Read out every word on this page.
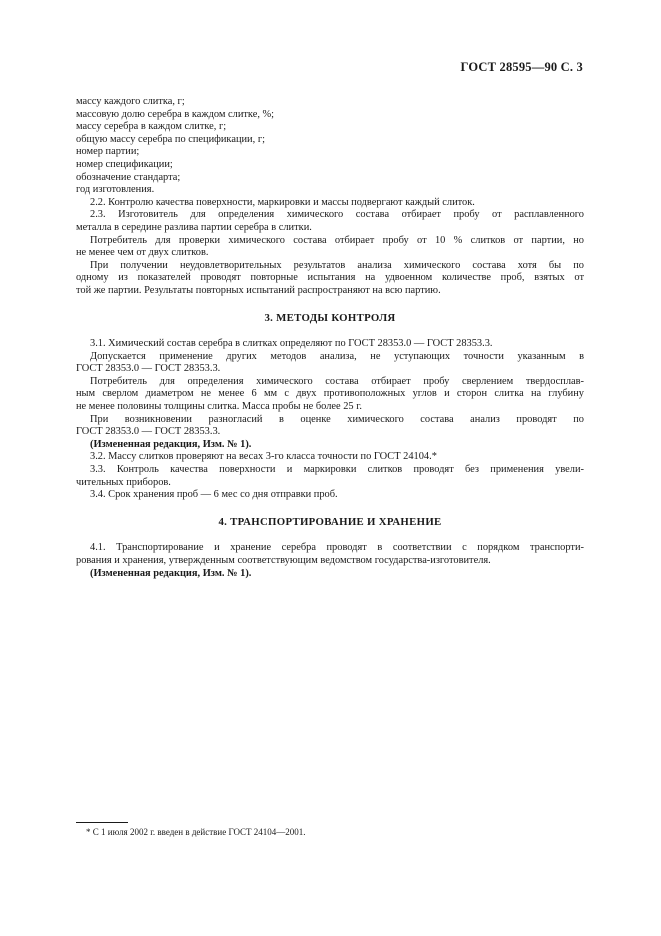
ГОСТ 28595—90 С. 3
массу каждого слитка, г;
массовую долю серебра в каждом слитке, %;
массу серебра в каждом слитке, г;
общую массу серебра по спецификации, г;
номер партии;
номер спецификации;
обозначение стандарта;
год изготовления.
2.2. Контролю качества поверхности, маркировки и массы подвергают каждый слиток.
2.3. Изготовитель для определения химического состава отбирает пробу от расплавленного
металла в середине разлива партии серебра в слитки.
Потребитель для проверки химического состава отбирает пробу от 10 % слитков от партии, но
не менее чем от двух слитков.
При получении неудовлетворительных результатов анализа химического состава хотя бы по
одному из показателей проводят повторные испытания на удвоенном количестве проб, взятых от
той же партии. Результаты повторных испытаний распространяют на всю партию.
3. МЕТОДЫ КОНТРОЛЯ
3.1. Химический состав серебра в слитках определяют по ГОСТ 28353.0 — ГОСТ 28353.3.
Допускается применение других методов анализа, не уступающих точности указанным в
ГОСТ 28353.0 — ГОСТ 28353.3.
Потребитель для определения химического состава отбирает пробу сверлением твердосплав-
ным сверлом диаметром не менее 6 мм с двух противоположных углов и сторон слитка на глубину
не менее половины толщины слитка. Масса пробы не более 25 г.
При возникновении разногласий в оценке химического состава анализ проводят по
ГОСТ 28353.0 — ГОСТ 28353.3.
(Измененная редакция, Изм. № 1).
3.2. Массу слитков проверяют на весах 3-го класса точности по ГОСТ 24104.*
3.3. Контроль качества поверхности и маркировки слитков проводят без применения увели-
чительных приборов.
3.4. Срок хранения проб — 6 мес со дня отправки проб.
4. ТРАНСПОРТИРОВАНИЕ И ХРАНЕНИЕ
4.1. Транспортирование и хранение серебра проводят в соответствии с порядком транспорти-
рования и хранения, утвержденным соответствующим ведомством государства-изготовителя.
(Измененная редакция, Изм. № 1).
* С 1 июля 2002 г. введен в действие ГОСТ 24104—2001.
